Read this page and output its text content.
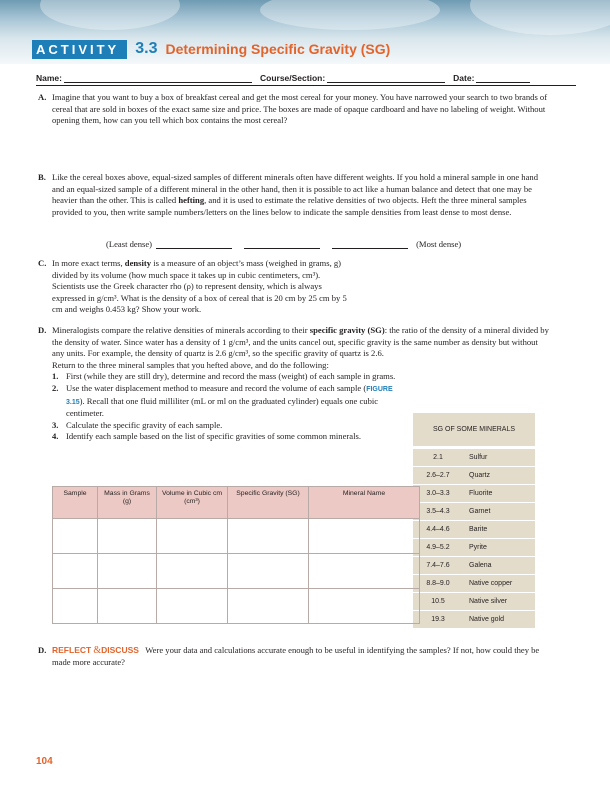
ACTIVITY	3.3 Determining Specific Gravity (SG)
Name:	Course/Section:	Date:
A. Imagine that you want to buy a box of breakfast cereal and get the most cereal for your money. You have narrowed your search to two brands of cereal that are sold in boxes of the exact same size and price. The boxes are made of opaque cardboard and have no labeling of weight. Without opening them, how can you tell which box contains the most cereal?

B. Like the cereal boxes above, equal-sized samples of different minerals often have different weights. If you hold a mineral sample in one hand and an equal-sized sample of a different mineral in the other hand, then it is possible to act like a human balance and detect that one may be heavier than the other. This is called hefting, and it is used to estimate the relative densities of two objects. Heft the three mineral samples provided to you, then write sample numbers/letters on the lines below to indicate the sample densities from least dense to most dense.

(Least dense)	(Most dense)
C. In more exact terms, density is a measure of an object’s mass (weighed in grams, g) divided by its volume (how much space it takes up in cubic centimeters, cm³). Scientists use the Greek character rho (ρ) to represent density, which is always expressed in g/cm³. What is the density of a box of cereal that is 20 cm by 25 cm by 5 cm and weighs 0.453 kg? Show your work.

D. Mineralogists compare the relative densities of minerals according to their specific gravity (SG): the ratio of the density of a mineral divided by the density of water. Since water has a density of 1 g/cm³, and the units cancel out, specific gravity is the same number as density but without any units. For example, the density of quartz is 2.6 g/cm³, so the specific gravity of quartz is 2.6.

Return to the three mineral samples that you hefted above, and do the following:

1. First (while they are still dry), determine and record the mass (weight) of each sample in grams.
2. Use the water displacement method to measure and record the volume of each sample (FIGURE 3.15). Recall that one fluid milliliter (mL or ml on the graduated cylinder) equals one cubic centimeter.
3. Calculate the specific gravity of each sample.
4. Identify each sample based on the list of specific gravities of some common minerals.
SG OF SOME MINERALS
2.1	Sulfur
2.6–2.7	Quartz
3.0–3.3	Fluorite
3.5–4.3	Garnet
4.4–4.6	Barite
4.9–5.2	Pyrite
7.4–7.6	Galena
8.8–9.0	Native copper
10.5	Native silver
19.3	Native gold
Sample	Mass in Grams (g)	Volume in Cubic cm (cm³)	Specific Gravity (SG)	Mineral Name

D. REFLECT &DISCUSS Were your data and calculations accurate enough to be useful in identifying the samples? If not, how could they be made more accurate?

104
